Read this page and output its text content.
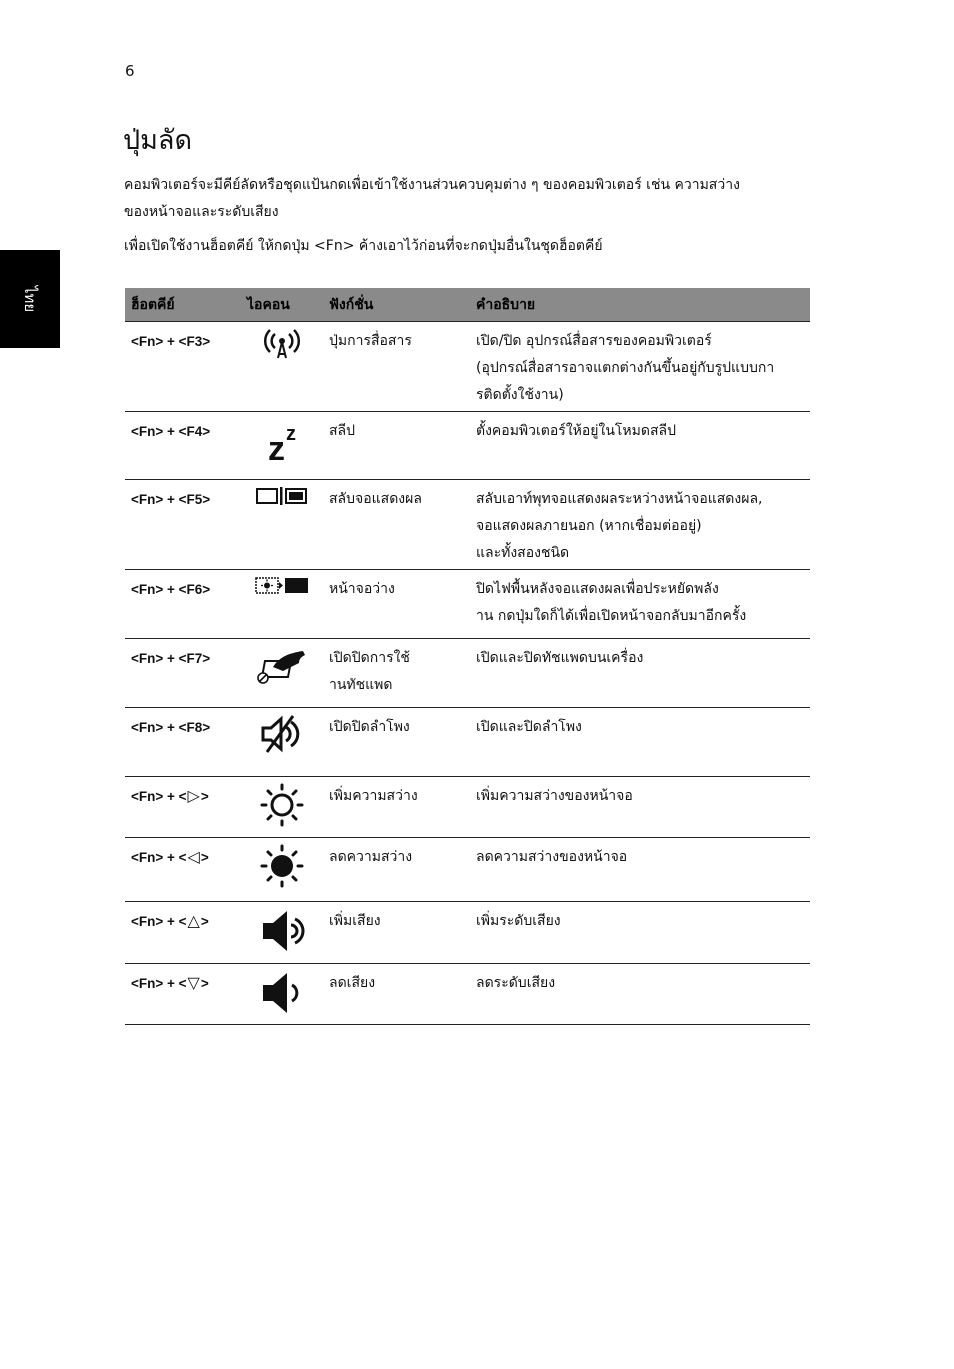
6
ไทย
ปุ่มลัด

คอมพิวเตอร์จะมีคีย์ลัดหรือชุดแป้นกดเพื่อเข้าใช้งานส่วนควบคุมต่าง ๆ ของคอมพิวเตอร์ เช่น ความสว่างของหน้าจอและระดับเสียง

เพื่อเปิดใช้งานฮ็อตคีย์ ให้กดปุ่ม <Fn> ค้างเอาไว้ก่อนที่จะกดปุ่มอื่นในชุดฮ็อตคีย์

ฮ็อตคีย์	ไอคอน	ฟังก์ชั่น	คำอธิบาย
<Fn> + <F3>		ปุ่มการสื่อสาร	เปิด/ปิด อุปกรณ์สื่อสารของคอมพิวเตอร์
(อุปกรณ์สื่อสารอาจแตกต่างกันขึ้นอยู่กับรูปแบบกา
รติดตั้งใช้งาน)

<Fn> + <F4>	z z	สลีป	ตั้งคอมพิวเตอร์ให้อยู่ในโหมดสลีป

<Fn> + <F5>		สลับจอแสดงผล	สลับเอาท์พุทจอแสดงผลระหว่างหน้าจอแสดงผล,
จอแสดงผลภายนอก (หากเชื่อมต่ออยู่)
และทั้งสองชนิด

<Fn> + <F6>		หน้าจอว่าง	ปิดไฟพื้นหลังจอแสดงผลเพื่อประหยัดพลัง
าน กดปุ่มใดก็ได้เพื่อเปิดหน้าจอกลับมาอีกครั้ง

<Fn> + <F7>		เปิดปิดการใช้
านทัชแพด	เปิดและปิดทัชแพดบนเครื่อง

<Fn> + <F8>		เปิดปิดลำโพง	เปิดและปิดลำโพง

<Fn> + <▷>		เพิ่มความสว่าง	เพิ่มความสว่างของหน้าจอ

<Fn> + <◁>		ลดความสว่าง	ลดความสว่างของหน้าจอ

<Fn> + <△>		เพิ่มเสียง	เพิ่มระดับเสียง

<Fn> + <▽>		ลดเสียง	ลดระดับเสียง
